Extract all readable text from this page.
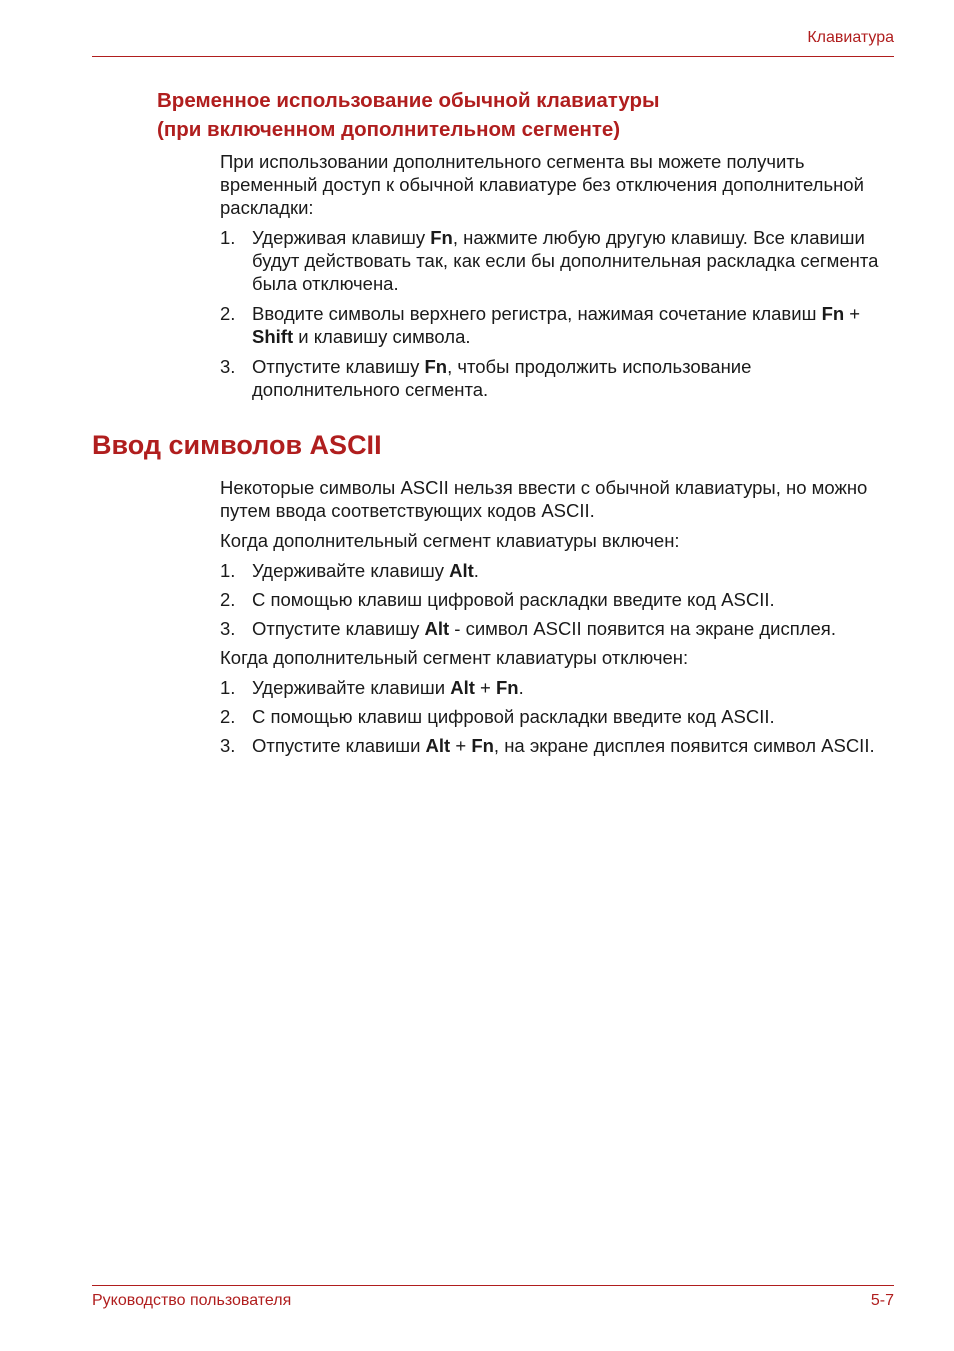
Клавиатура
Временное использование обычной клавиатуры
(при включенном дополнительном сегменте)

При использовании дополнительного сегмента вы можете получить временный доступ к обычной клавиатуре без отключения дополнительной раскладки:

1. Удерживая клавишу Fn, нажмите любую другую клавишу. Все клавиши будут действовать так, как если бы дополнительная раскладка сегмента была отключена.
2. Вводите символы верхнего регистра, нажимая сочетание клавиш Fn + Shift и клавишу символа.
3. Отпустите клавишу Fn, чтобы продолжить использование дополнительного сегмента.
Ввод символов ASCII

Некоторые символы ASCII нельзя ввести с обычной клавиатуры, но можно путем ввода соответствующих кодов ASCII.

Когда дополнительный сегмент клавиатуры включен:

1. Удерживайте клавишу Alt.
2. С помощью клавиш цифровой раскладки введите код ASCII.
3. Отпустите клавишу Alt - символ ASCII появится на экране дисплея.

Когда дополнительный сегмент клавиатуры отключен:

1. Удерживайте клавиши Alt + Fn.
2. С помощью клавиш цифровой раскладки введите код ASCII.
3. Отпустите клавиши Alt + Fn, на экране дисплея появится символ ASCII.
Руководство пользователя	5-7
